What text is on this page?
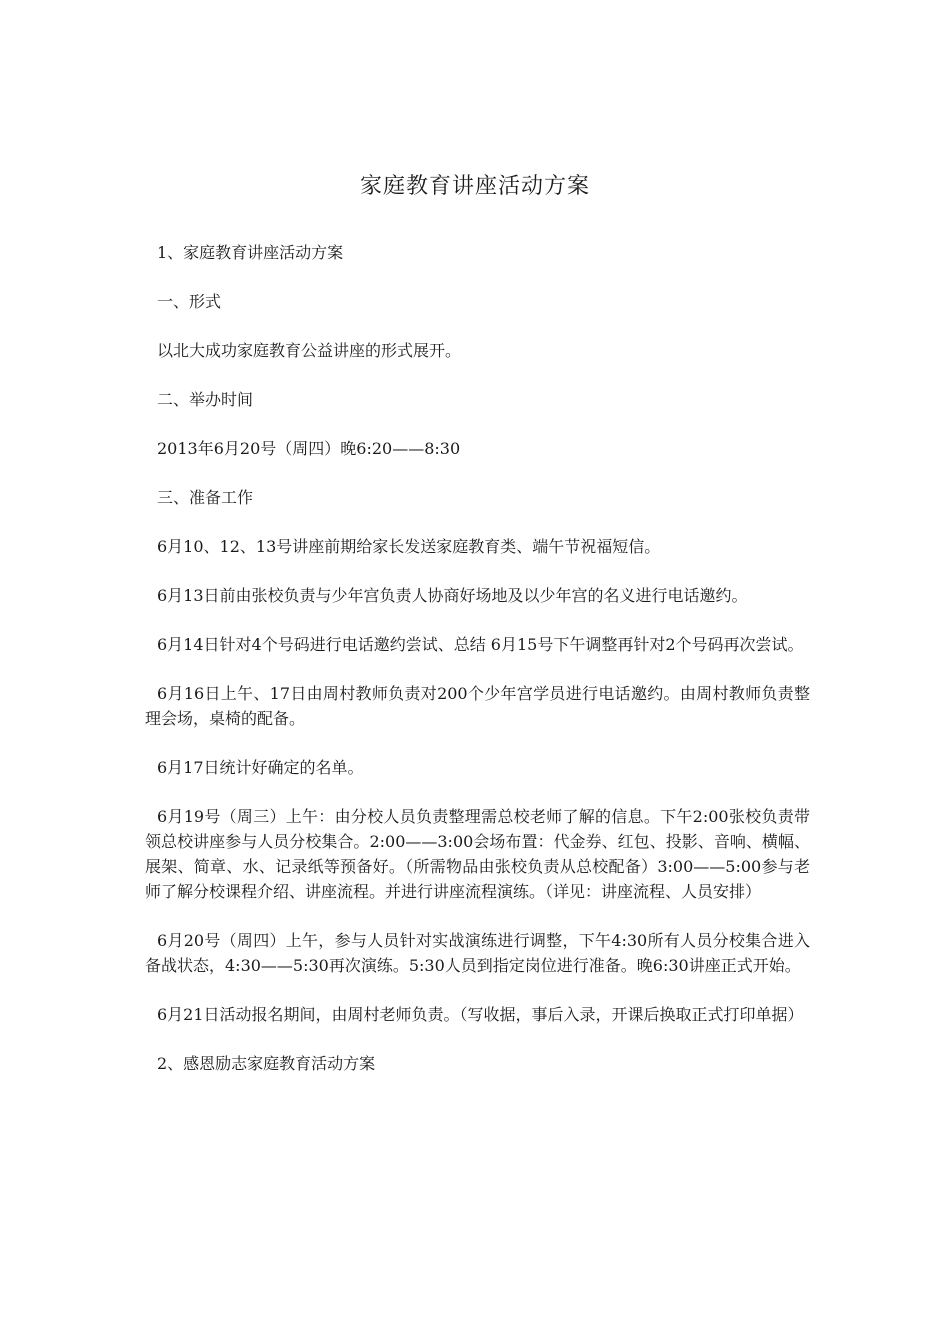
家庭教育讲座活动方案

1、家庭教育讲座活动方案

一、形式

以北大成功家庭教育公益讲座的形式展开。

二、举办时间

2013年6月20号（周四）晚6:20——8:30

三、准备工作

6月10、12、13号讲座前期给家长发送家庭教育类、端午节祝福短信。

6月13日前由张校负责与少年宫负责人协商好场地及以少年宫的名义进行电话邀约。

6月14日针对4个号码进行电话邀约尝试、总结 6月15号下午调整再针对2个号码再次尝试。

6月16日上午、17日由周村教师负责对200个少年宫学员进行电话邀约。由周村教师负责整理会场，桌椅的配备。

6月17日统计好确定的名单。

6月19号（周三）上午：由分校人员负责整理需总校老师了解的信息。下午2:00张校负责带领总校讲座参与人员分校集合。2:00——3:00会场布置：代金券、红包、投影、音响、横幅、展架、简章、水、记录纸等预备好。（所需物品由张校负责从总校配备）3:00——5:00参与老师了解分校课程介绍、讲座流程。并进行讲座流程演练。（详见：讲座流程、人员安排）

6月20号（周四）上午，参与人员针对实战演练进行调整，下午4:30所有人员分校集合进入备战状态，4:30——5:30再次演练。5:30人员到指定岗位进行准备。晚6:30讲座正式开始。

6月21日活动报名期间，由周村老师负责。（写收据，事后入录，开课后换取正式打印单据）

2、感恩励志家庭教育活动方案
